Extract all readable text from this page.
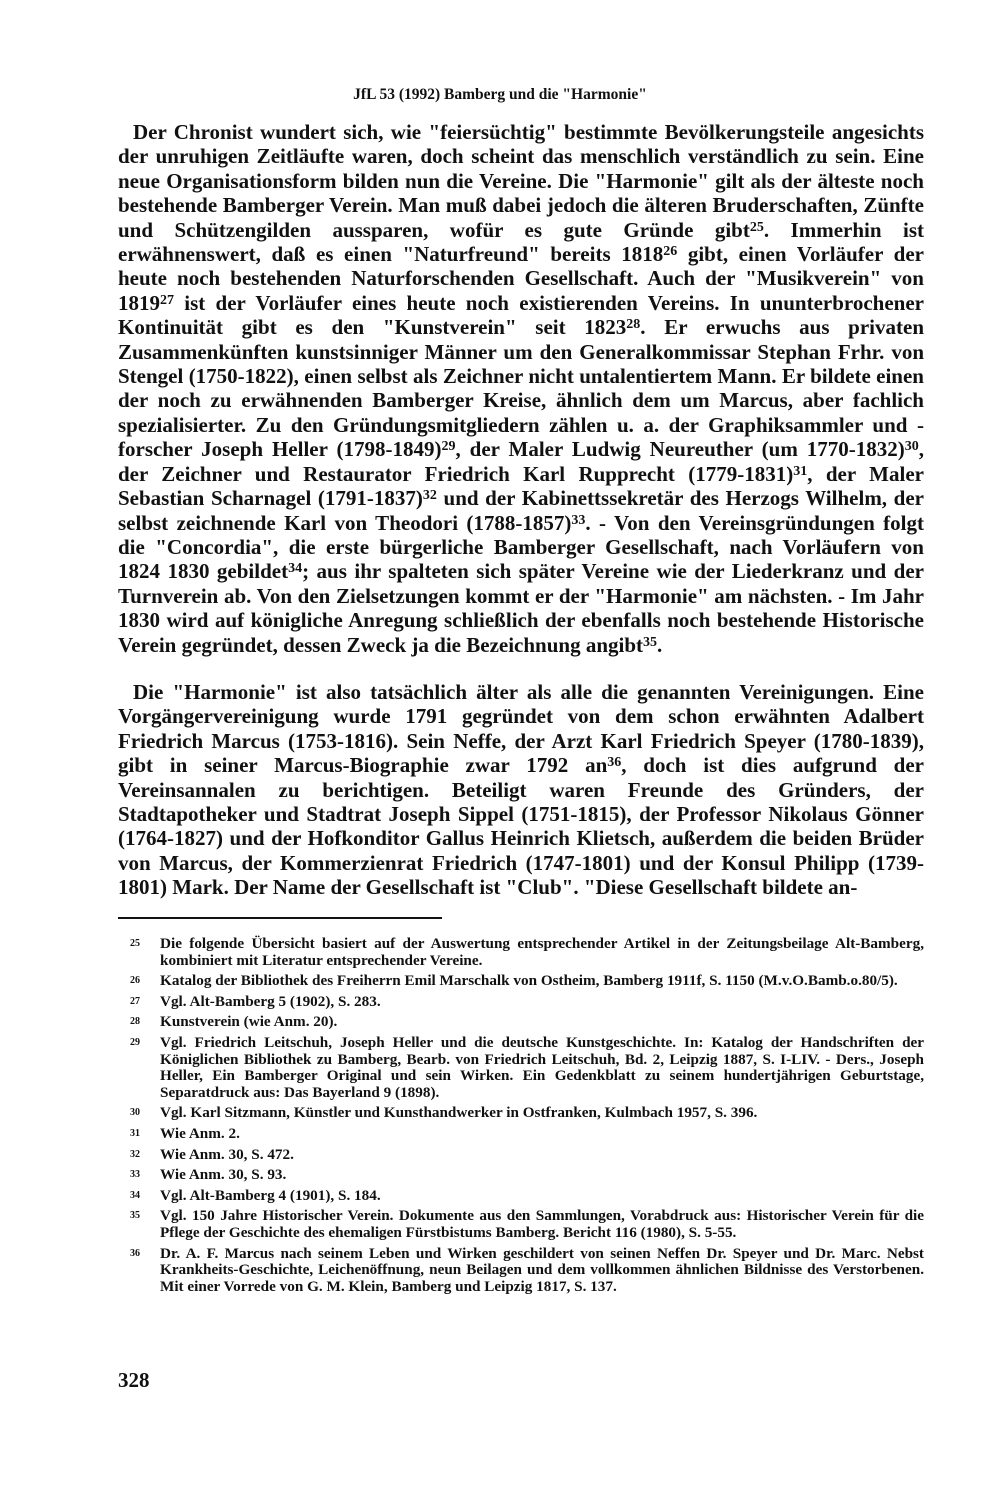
JfL 53 (1992) Bamberg und die "Harmonie"

Der Chronist wundert sich, wie "feiersüchtig" bestimmte Bevölkerungsteile angesichts der unruhigen Zeitläufte waren, doch scheint das menschlich verständlich zu sein. Eine neue Organisationsform bilden nun die Vereine. Die "Harmonie" gilt als der älteste noch bestehende Bamberger Verein. Man muß dabei jedoch die älteren Bruderschaften, Zünfte und Schützengilden aussparen, wofür es gute Gründe gibt$^{25}$. Immerhin ist erwähnenswert, daß es einen "Naturfreund" bereits 1818$^{26}$ gibt, einen Vorläufer der heute noch bestehenden Naturforschenden Gesellschaft. Auch der "Musikverein" von 1819$^{27}$ ist der Vorläufer eines heute noch existierenden Vereins. In ununterbrochener Kontinuität gibt es den "Kunstverein" seit 1823$^{28}$. Er erwuchs aus privaten Zusammenkünften kunstsinniger Männer um den Generalkommissar Stephan Frhr. von Stengel (1750-1822), einen selbst als Zeichner nicht untalentiertem Mann. Er bildete einen der noch zu erwähnenden Bamberger Kreise, ähnlich dem um Marcus, aber fachlich spezialisierter. Zu den Gründungsmitgliedern zählen u. a. der Graphiksammler und -forscher Joseph Heller (1798-1849)$^{29}$, der Maler Ludwig Neureuther (um 1770-1832)$^{30}$, der Zeichner und Restaurator Friedrich Karl Rupprecht (1779-1831)$^{31}$, der Maler Sebastian Scharnagel (1791-1837)$^{32}$ und der Kabinettssekretär des Herzogs Wilhelm, der selbst zeichnende Karl von Theodori (1788-1857)$^{33}$. - Von den Vereinsgründungen folgt die "Concordia", die erste bürgerliche Bamberger Gesellschaft, nach Vorläufern von 1824 1830 gebildet$^{34}$; aus ihr spalteten sich später Vereine wie der Liederkranz und der Turnverein ab. Von den Zielsetzungen kommt er der "Harmonie" am nächsten. - Im Jahr 1830 wird auf königliche Anregung schließlich der ebenfalls noch bestehende Historische Verein gegründet, dessen Zweck ja die Bezeichnung angibt$^{35}$.

Die "Harmonie" ist also tatsächlich älter als alle die genannten Vereinigungen. Eine Vorgängervereinigung wurde 1791 gegründet von dem schon erwähnten Adalbert Friedrich Marcus (1753-1816). Sein Neffe, der Arzt Karl Friedrich Speyer (1780-1839), gibt in seiner Marcus-Biographie zwar 1792 $an^{36}$, doch ist dies aufgrund der Vereinsannalen zu berichtigen. Beteiligt waren Freunde des Gründers, der Stadtapotheker und Stadtrat Joseph Sippel (1751-1815), der Professor Nikolaus Gönner (1764-1827) und der Hofkonditor Gallus Heinrich Klietsch, außerdem die beiden Brüder von Marcus, der Kommerzienrat Friedrich (1747-1801) und der Konsul Philipp (1739-1801) Mark. Der Name der Gesellschaft ist "Club". "Diese Gesellschaft bildete an-

25 Die folgende Übersicht basiert auf der Auswertung entsprechender Artikel in der Zeitungsbeilage Alt-Bamberg, kombiniert mit Literatur entsprechender Vereine.
26 Katalog der Bibliothek des Freiherrn Emil Marschalk von Ostheim, Bamberg 1911f, S. 1150 (M.v.O.Bamb.o.80/5).
27 Vgl. Alt-Bamberg 5 (1902), S. 283.
28 Kunstverein (wie Anm. 20).
29 Vgl. Friedrich Leitschuh, Joseph Heller und die deutsche Kunstgeschichte. In: Katalog der Handschriften der Königlichen Bibliothek zu Bamberg, Bearb. von Friedrich Leitschuh, Bd. 2, Leipzig 1887, S. I-LIV. - Ders., Joseph Heller, Ein Bamberger Original und sein Wirken. Ein Gedenkblatt zu seinem hundertjährigen Geburtstage, Separatdruck aus: Das Bayerland 9 (1898).
30 Vgl. Karl Sitzmann, Künstler und Kunsthandwerker in Ostfranken, Kulmbach 1957, S. 396.
31 Wie Anm. 2.
32 Wie Anm. 30, S. 472.
33 Wie Anm. 30, S. 93.
34 Vgl. Alt-Bamberg 4 (1901), S. 184.
35 Vgl. 150 Jahre Historischer Verein. Dokumente aus den Sammlungen, Vorabdruck aus: Historischer Verein für die Pflege der Geschichte des ehemaligen Fürstbistums Bamberg. Bericht 116 (1980), S. 5-55.
36 Dr. A. F. Marcus nach seinem Leben und Wirken geschildert von seinen Neffen Dr. Speyer und Dr. Marc. Nebst Krankheits-Geschichte, Leichenöffnung, neun Beilagen und dem vollkommen ähnlichen Bildnisse des Verstorbenen. Mit einer Vorrede von G. M. Klein, Bamberg und Leipzig 1817, S. 137.
328
